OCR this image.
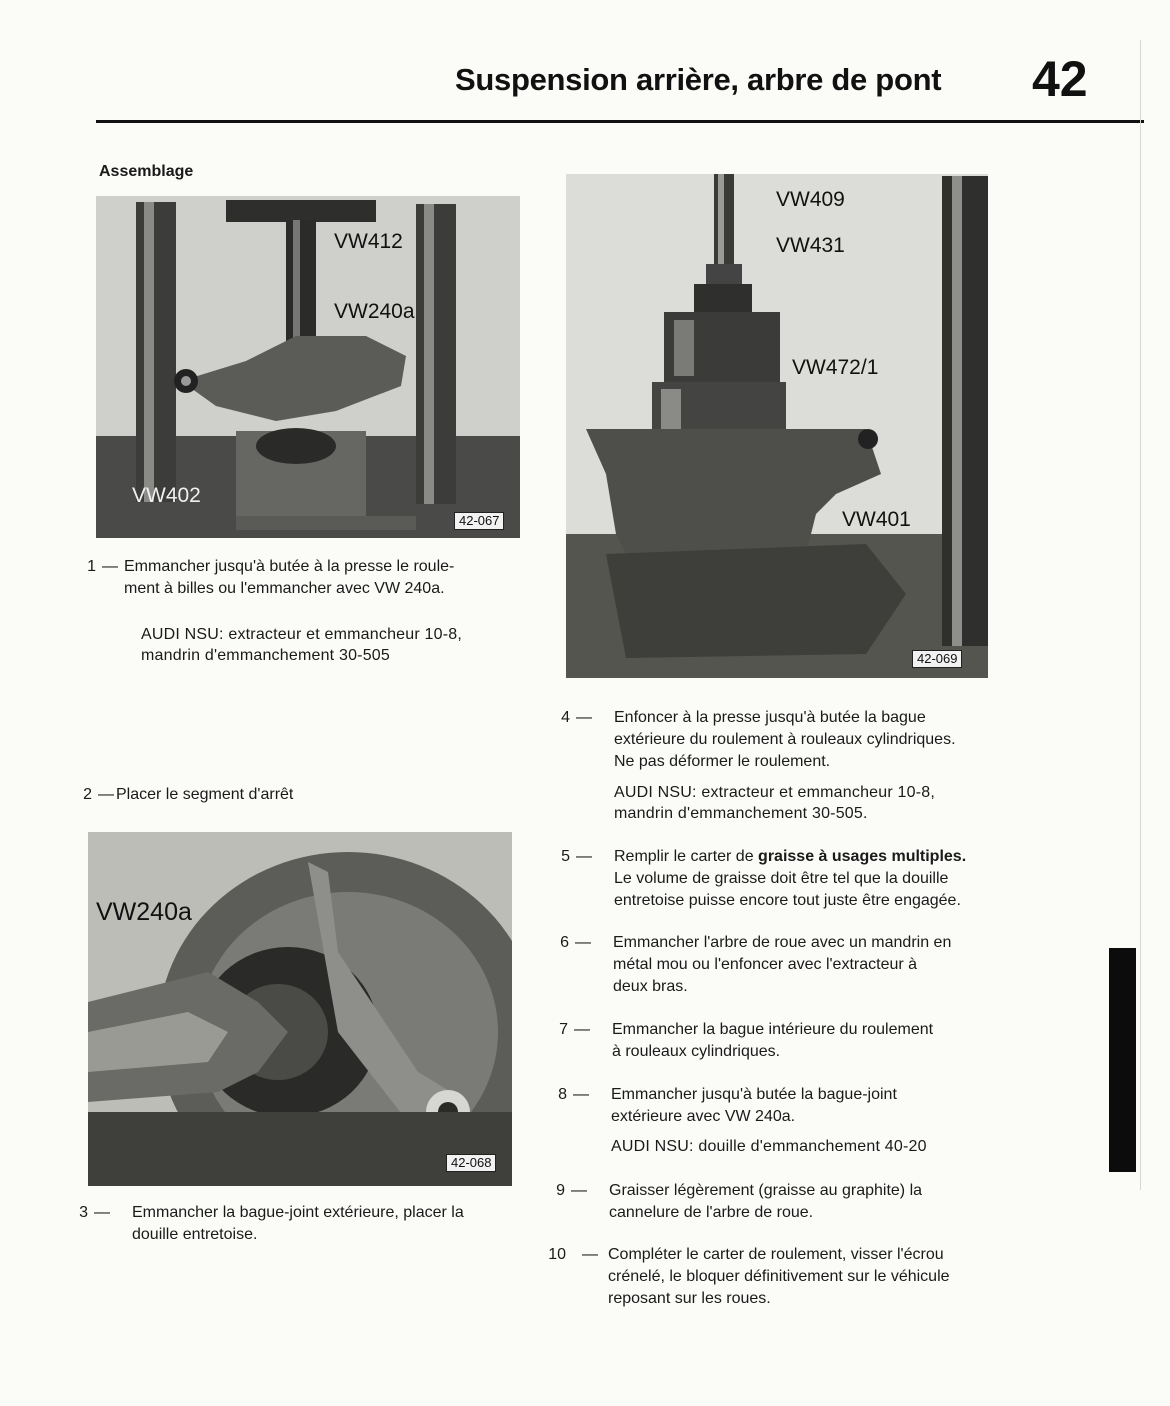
Suspension arrière, arbre de pont 42
Assemblage
VW412
VW240a
VW402
42-067
VW409
VW431
VW472/1
VW401
42-069
VW240a
42-068
1 — Emmancher jusqu'à butée à la presse le roule-
ment à billes ou l'emmancher avec VW 240a.
AUDI NSU: extracteur et emmancheur 10-8,
mandrin d'emmanchement 30-505
2 — Placer le segment d'arrêt
3 — Emmancher la bague-joint extérieure, placer la
douille entretoise.
4 — Enfoncer à la presse jusqu'à butée la bague
extérieure du roulement à rouleaux cylindriques.
Ne pas déformer le roulement.
AUDI NSU: extracteur et emmancheur 10-8,
mandrin d'emmanchement 30-505.
5 — Remplir le carter de graisse à usages multiples.
Le volume de graisse doit être tel que la douille
entretoise puisse encore tout juste être engagée.
6 — Emmancher l'arbre de roue avec un mandrin en
métal mou ou l'enfoncer avec l'extracteur à
deux bras.
7 — Emmancher la bague intérieure du roulement
à rouleaux cylindriques.
8 — Emmancher jusqu'à butée la bague-joint
extérieure avec VW 240a.
AUDI NSU: douille d'emmanchement 40-20
9 — Graisser légèrement (graisse au graphite) la
cannelure de l'arbre de roue.
10 — Compléter le carter de roulement, visser l'écrou
crénelé, le bloquer définitivement sur le véhicule
reposant sur les roues.
